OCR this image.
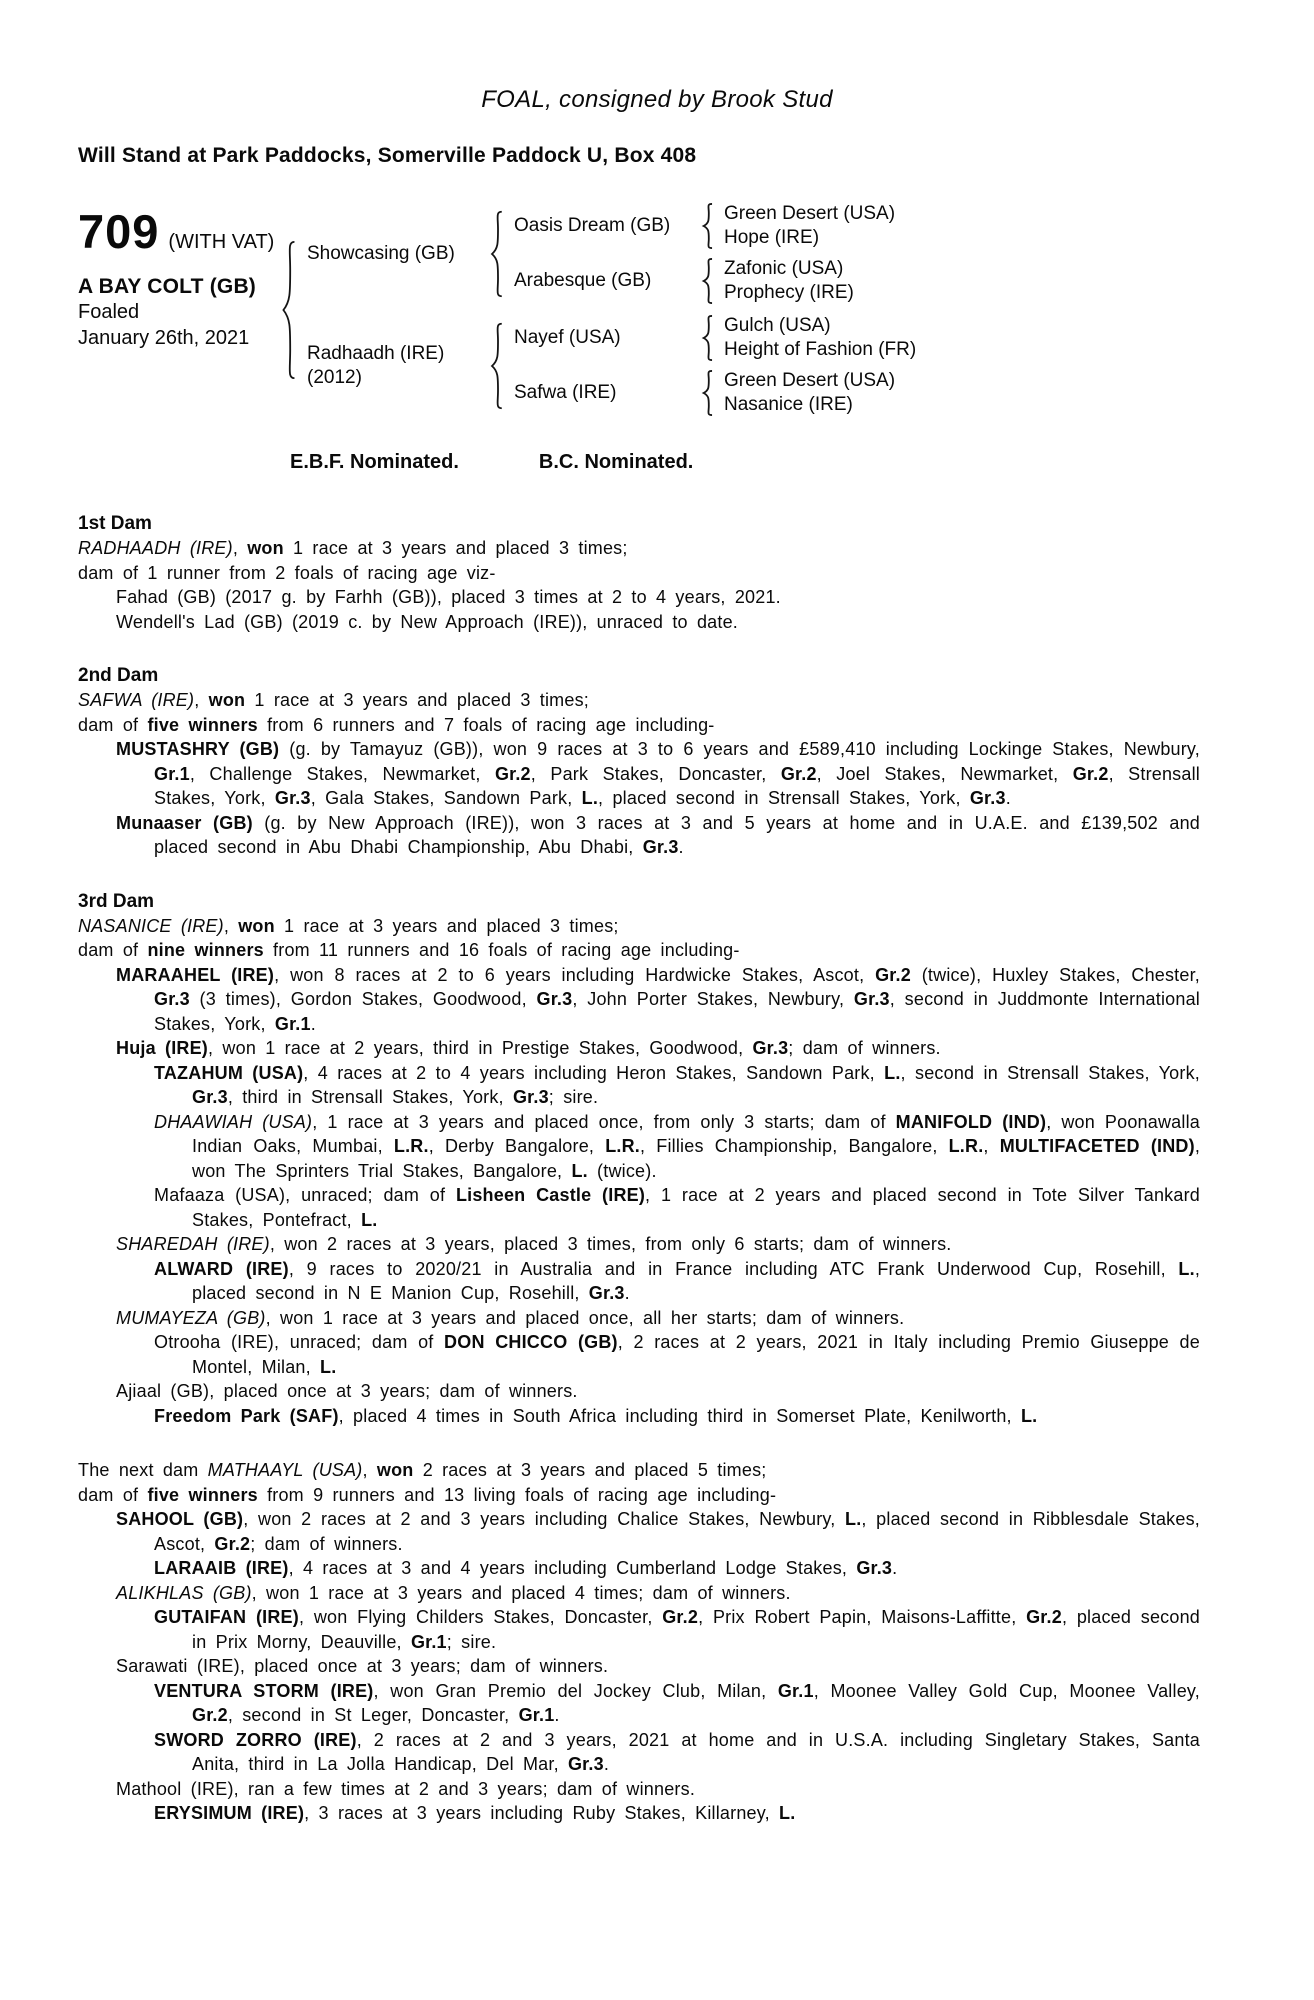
FOAL, consigned by Brook Stud
Will Stand at Park Paddocks, Somerville Paddock U, Box 408
709 (WITH VAT)
A BAY COLT (GB)
Foaled
January 26th, 2021
Showcasing (GB)
Oasis Dream (GB)
Green Desert (USA)
Hope (IRE)
Arabesque (GB)
Zafonic (USA)
Prophecy (IRE)
Radhaadh (IRE)
(2012)
Nayef (USA)
Gulch (USA)
Height of Fashion (FR)
Safwa (IRE)
Green Desert (USA)
Nasanice (IRE)
E.B.F. Nominated.	B.C. Nominated.
1st Dam
RADHAADH (IRE), won 1 race at 3 years and placed 3 times;
dam of 1 runner from 2 foals of racing age viz-
Fahad (GB) (2017 g. by Farhh (GB)), placed 3 times at 2 to 4 years, 2021.
Wendell's Lad (GB) (2019 c. by New Approach (IRE)), unraced to date.
2nd Dam
SAFWA (IRE), won 1 race at 3 years and placed 3 times;
dam of five winners from 6 runners and 7 foals of racing age including-
MUSTASHRY (GB) (g. by Tamayuz (GB)), won 9 races at 3 to 6 years and £589,410 including Lockinge Stakes, Newbury, Gr.1, Challenge Stakes, Newmarket, Gr.2, Park Stakes, Doncaster, Gr.2, Joel Stakes, Newmarket, Gr.2, Strensall Stakes, York, Gr.3, Gala Stakes, Sandown Park, L., placed second in Strensall Stakes, York, Gr.3.
Munaaser (GB) (g. by New Approach (IRE)), won 3 races at 3 and 5 years at home and in U.A.E. and £139,502 and placed second in Abu Dhabi Championship, Abu Dhabi, Gr.3.
3rd Dam
NASANICE (IRE), won 1 race at 3 years and placed 3 times;
dam of nine winners from 11 runners and 16 foals of racing age including-
MARAAHEL (IRE), won 8 races at 2 to 6 years including Hardwicke Stakes, Ascot, Gr.2 (twice), Huxley Stakes, Chester, Gr.3 (3 times), Gordon Stakes, Goodwood, Gr.3, John Porter Stakes, Newbury, Gr.3, second in Juddmonte International Stakes, York, Gr.1.
Huja (IRE), won 1 race at 2 years, third in Prestige Stakes, Goodwood, Gr.3; dam of winners.
TAZAHUM (USA), 4 races at 2 to 4 years including Heron Stakes, Sandown Park, L., second in Strensall Stakes, York, Gr.3, third in Strensall Stakes, York, Gr.3; sire.
DHAAWIAH (USA), 1 race at 3 years and placed once, from only 3 starts; dam of MANIFOLD (IND), won Poonawalla Indian Oaks, Mumbai, L.R., Derby Bangalore, L.R., Fillies Championship, Bangalore, L.R., MULTIFACETED (IND), won The Sprinters Trial Stakes, Bangalore, L. (twice).
Mafaaza (USA), unraced; dam of Lisheen Castle (IRE), 1 race at 2 years and placed second in Tote Silver Tankard Stakes, Pontefract, L.
SHAREDAH (IRE), won 2 races at 3 years, placed 3 times, from only 6 starts; dam of winners.
ALWARD (IRE), 9 races to 2020/21 in Australia and in France including ATC Frank Underwood Cup, Rosehill, L., placed second in N E Manion Cup, Rosehill, Gr.3.
MUMAYEZA (GB), won 1 race at 3 years and placed once, all her starts; dam of winners.
Otrooha (IRE), unraced; dam of DON CHICCO (GB), 2 races at 2 years, 2021 in Italy including Premio Giuseppe de Montel, Milan, L.
Ajiaal (GB), placed once at 3 years; dam of winners.
Freedom Park (SAF), placed 4 times in South Africa including third in Somerset Plate, Kenilworth, L.
The next dam MATHAAYL (USA), won 2 races at 3 years and placed 5 times;
dam of five winners from 9 runners and 13 living foals of racing age including-
SAHOOL (GB), won 2 races at 2 and 3 years including Chalice Stakes, Newbury, L., placed second in Ribblesdale Stakes, Ascot, Gr.2; dam of winners.
LARAAIB (IRE), 4 races at 3 and 4 years including Cumberland Lodge Stakes, Gr.3.
ALIKHLAS (GB), won 1 race at 3 years and placed 4 times; dam of winners.
GUTAIFAN (IRE), won Flying Childers Stakes, Doncaster, Gr.2, Prix Robert Papin, Maisons-Laffitte, Gr.2, placed second in Prix Morny, Deauville, Gr.1; sire.
Sarawati (IRE), placed once at 3 years; dam of winners.
VENTURA STORM (IRE), won Gran Premio del Jockey Club, Milan, Gr.1, Moonee Valley Gold Cup, Moonee Valley, Gr.2, second in St Leger, Doncaster, Gr.1.
SWORD ZORRO (IRE), 2 races at 2 and 3 years, 2021 at home and in U.S.A. including Singletary Stakes, Santa Anita, third in La Jolla Handicap, Del Mar, Gr.3.
Mathool (IRE), ran a few times at 2 and 3 years; dam of winners.
ERYSIMUM (IRE), 3 races at 3 years including Ruby Stakes, Killarney, L.
